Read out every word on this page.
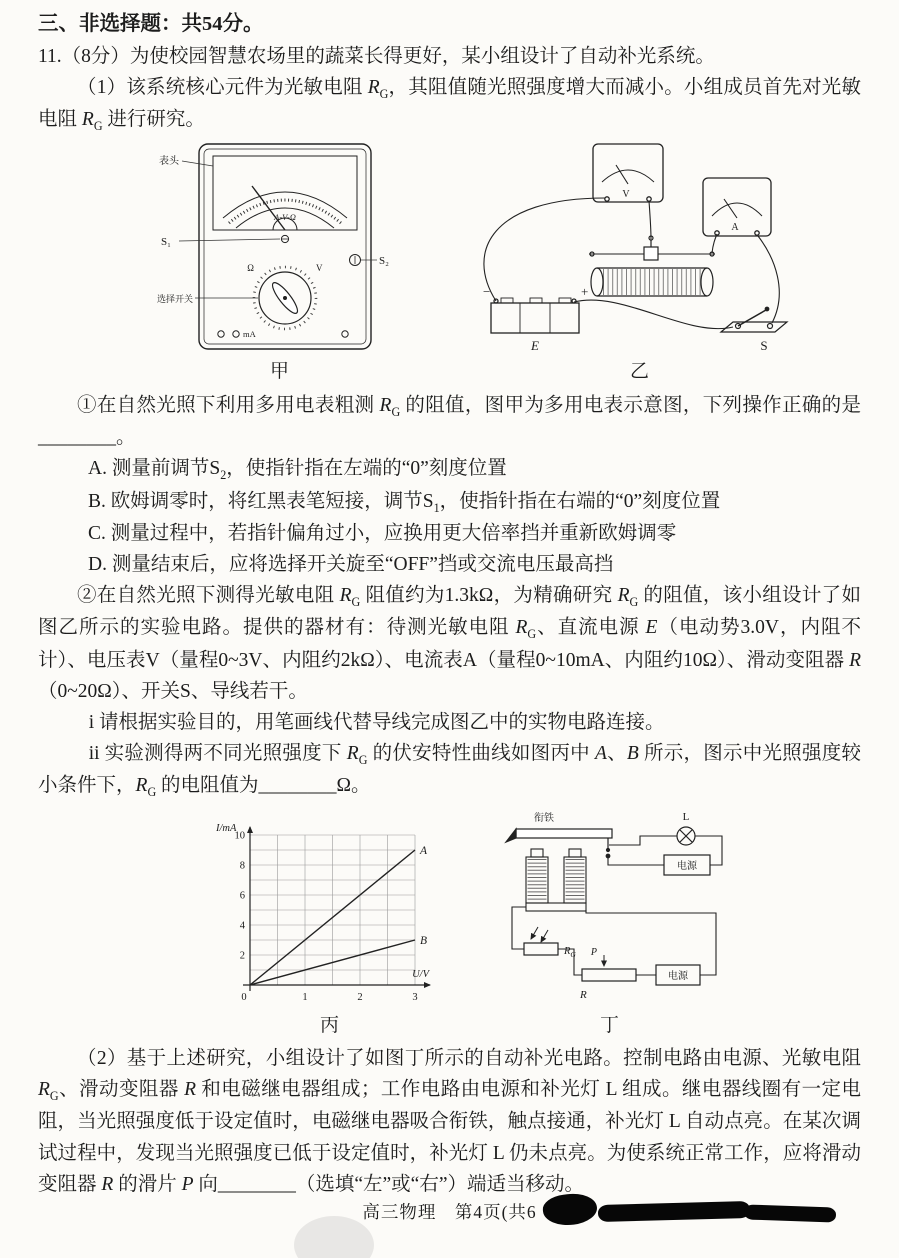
三、非选择题：共54分。

11.（8分）为使校园智慧农场里的蔬菜长得更好，某小组设计了自动补光系统。

（1）该系统核心元件为光敏电阻 $R_G$，其阻值随光照强度增大而减小。小组成员首先对光敏电阻 $R_G$ 进行研究。

表头
S₁
S₂
选择开关
A-V-Ω
Ω	V
mA
甲
V
A
−	+
E	S
乙

①在自然光照下利用多用电表粗测 $R_G$ 的阻值，图甲为多用电表示意图，下列操作正确的是________。

A. 测量前调节$S_2$，使指针指在左端的“0”刻度位置

B. 欧姆调零时，将红黑表笔短接，调节$S_1$，使指针指在右端的“0”刻度位置

C. 测量过程中，若指针偏角过小，应换用更大倍率挡并重新欧姆调零

D. 测量结束后，应将选择开关旋至“OFF”挡或交流电压最高挡

②在自然光照下测得光敏电阻 $R_G$ 阻值约为1.3kΩ，为精确研究 $R_G$ 的阻值，该小组设计了如图乙所示的实验电路。提供的器材有：待测光敏电阻 $R_G$、直流电源 E（电动势3.0V，内阻不计）、电压表V（量程0~3V、内阻约2kΩ）、电流表A（量程0~10mA、内阻约10Ω）、滑动变阻器 R（0~20Ω）、开关S、导线若干。

i 请根据实验目的，用笔画线代替导线完成图乙中的实物电路连接。

ii 实验测得两不同光照强度下 $R_G$ 的伏安特性曲线如图丙中 A、B 所示，图示中光照强度较小条件下，$R_G$ 的电阻值为________Ω。

A
B
I/mA
U/V
2
4
6
8
10
0	1	2	3
丙
衔铁	L
电源
$R_G$ P
R
电源
丁

（2）基于上述研究，小组设计了如图丁所示的自动补光电路。控制电路由电源、光敏电阻 $R_G$、滑动变阻器 R 和电磁继电器组成；工作电路由电源和补光灯 L 组成。继电器线圈有一定电阻，当光照强度低于设定值时，电磁继电器吸合衔铁，触点接通，补光灯 L 自动点亮。在某次调试过程中，发现当光照强度已低于设定值时，补光灯 L 仍未点亮。为使系统正常工作，应将滑动变阻器 R 的滑片 P 向________（选填“左”或“右”）端适当移动。

高三物理　第4页(共6
